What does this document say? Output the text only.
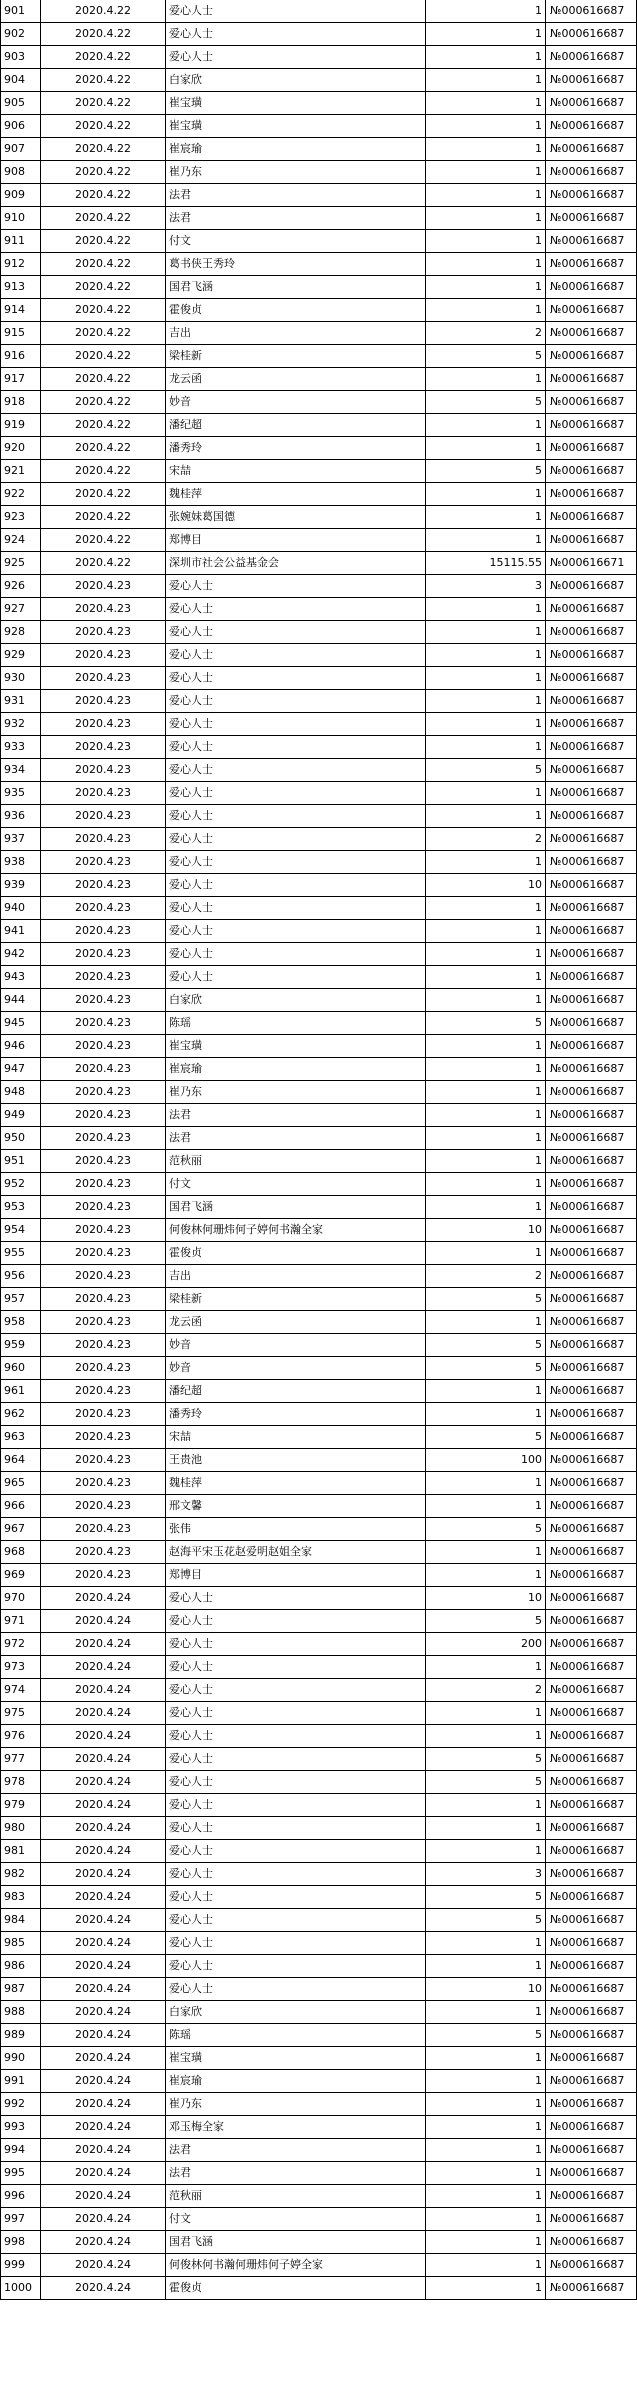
901	2020.4.22	爱心人士	1	№000616687
902	2020.4.22	爱心人士	1	№000616687
903	2020.4.22	爱心人士	1	№000616687
904	2020.4.22	白家欣	1	№000616687
905	2020.4.22	崔宝璜	1	№000616687
906	2020.4.22	崔宝璜	1	№000616687
907	2020.4.22	崔宸瑜	1	№000616687
908	2020.4.22	崔乃东	1	№000616687
909	2020.4.22	法君	1	№000616687
910	2020.4.22	法君	1	№000616687
911	2020.4.22	付文	1	№000616687
912	2020.4.22	葛书侠王秀玲	1	№000616687
913	2020.4.22	国君飞涵	1	№000616687
914	2020.4.22	霍俊贞	1	№000616687
915	2020.4.22	吉出	2	№000616687
916	2020.4.22	梁桂新	5	№000616687
917	2020.4.22	龙云函	1	№000616687
918	2020.4.22	妙音	5	№000616687
919	2020.4.22	潘纪超	1	№000616687
920	2020.4.22	潘秀玲	1	№000616687
921	2020.4.22	宋喆	5	№000616687
922	2020.4.22	魏桂萍	1	№000616687
923	2020.4.22	张婉妹葛国德	1	№000616687
924	2020.4.22	郑博目	1	№000616687
925	2020.4.22	深圳市社会公益基金会	15115.55	№000616671
926	2020.4.23	爱心人士	3	№000616687
927	2020.4.23	爱心人士	1	№000616687
928	2020.4.23	爱心人士	1	№000616687
929	2020.4.23	爱心人士	1	№000616687
930	2020.4.23	爱心人士	1	№000616687
931	2020.4.23	爱心人士	1	№000616687
932	2020.4.23	爱心人士	1	№000616687
933	2020.4.23	爱心人士	1	№000616687
934	2020.4.23	爱心人士	5	№000616687
935	2020.4.23	爱心人士	1	№000616687
936	2020.4.23	爱心人士	1	№000616687
937	2020.4.23	爱心人士	2	№000616687
938	2020.4.23	爱心人士	1	№000616687
939	2020.4.23	爱心人士	10	№000616687
940	2020.4.23	爱心人士	1	№000616687
941	2020.4.23	爱心人士	1	№000616687
942	2020.4.23	爱心人士	1	№000616687
943	2020.4.23	爱心人士	1	№000616687
944	2020.4.23	白家欣	1	№000616687
945	2020.4.23	陈瑶	5	№000616687
946	2020.4.23	崔宝璜	1	№000616687
947	2020.4.23	崔宸瑜	1	№000616687
948	2020.4.23	崔乃东	1	№000616687
949	2020.4.23	法君	1	№000616687
950	2020.4.23	法君	1	№000616687
951	2020.4.23	范秋丽	1	№000616687
952	2020.4.23	付文	1	№000616687
953	2020.4.23	国君飞涵	1	№000616687
954	2020.4.23	何俊林何珊炜何子婷何书瀚全家	10	№000616687
955	2020.4.23	霍俊贞	1	№000616687
956	2020.4.23	吉出	2	№000616687
957	2020.4.23	梁桂新	5	№000616687
958	2020.4.23	龙云函	1	№000616687
959	2020.4.23	妙音	5	№000616687
960	2020.4.23	妙音	5	№000616687
961	2020.4.23	潘纪超	1	№000616687
962	2020.4.23	潘秀玲	1	№000616687
963	2020.4.23	宋喆	5	№000616687
964	2020.4.23	王贵池	100	№000616687
965	2020.4.23	魏桂萍	1	№000616687
966	2020.4.23	邢文馨	1	№000616687
967	2020.4.23	张伟	5	№000616687
968	2020.4.23	赵海平宋玉花赵爱明赵姐全家	1	№000616687
969	2020.4.23	郑博目	1	№000616687
970	2020.4.24	爱心人士	10	№000616687
971	2020.4.24	爱心人士	5	№000616687
972	2020.4.24	爱心人士	200	№000616687
973	2020.4.24	爱心人士	1	№000616687
974	2020.4.24	爱心人士	2	№000616687
975	2020.4.24	爱心人士	1	№000616687
976	2020.4.24	爱心人士	1	№000616687
977	2020.4.24	爱心人士	5	№000616687
978	2020.4.24	爱心人士	5	№000616687
979	2020.4.24	爱心人士	1	№000616687
980	2020.4.24	爱心人士	1	№000616687
981	2020.4.24	爱心人士	1	№000616687
982	2020.4.24	爱心人士	3	№000616687
983	2020.4.24	爱心人士	5	№000616687
984	2020.4.24	爱心人士	5	№000616687
985	2020.4.24	爱心人士	1	№000616687
986	2020.4.24	爱心人士	1	№000616687
987	2020.4.24	爱心人士	10	№000616687
988	2020.4.24	白家欣	1	№000616687
989	2020.4.24	陈瑶	5	№000616687
990	2020.4.24	崔宝璜	1	№000616687
991	2020.4.24	崔宸瑜	1	№000616687
992	2020.4.24	崔乃东	1	№000616687
993	2020.4.24	邓玉梅全家	1	№000616687
994	2020.4.24	法君	1	№000616687
995	2020.4.24	法君	1	№000616687
996	2020.4.24	范秋丽	1	№000616687
997	2020.4.24	付文	1	№000616687
998	2020.4.24	国君飞涵	1	№000616687
999	2020.4.24	何俊林何书瀚何珊炜何子婷全家	1	№000616687
1000	2020.4.24	霍俊贞	1	№000616687
